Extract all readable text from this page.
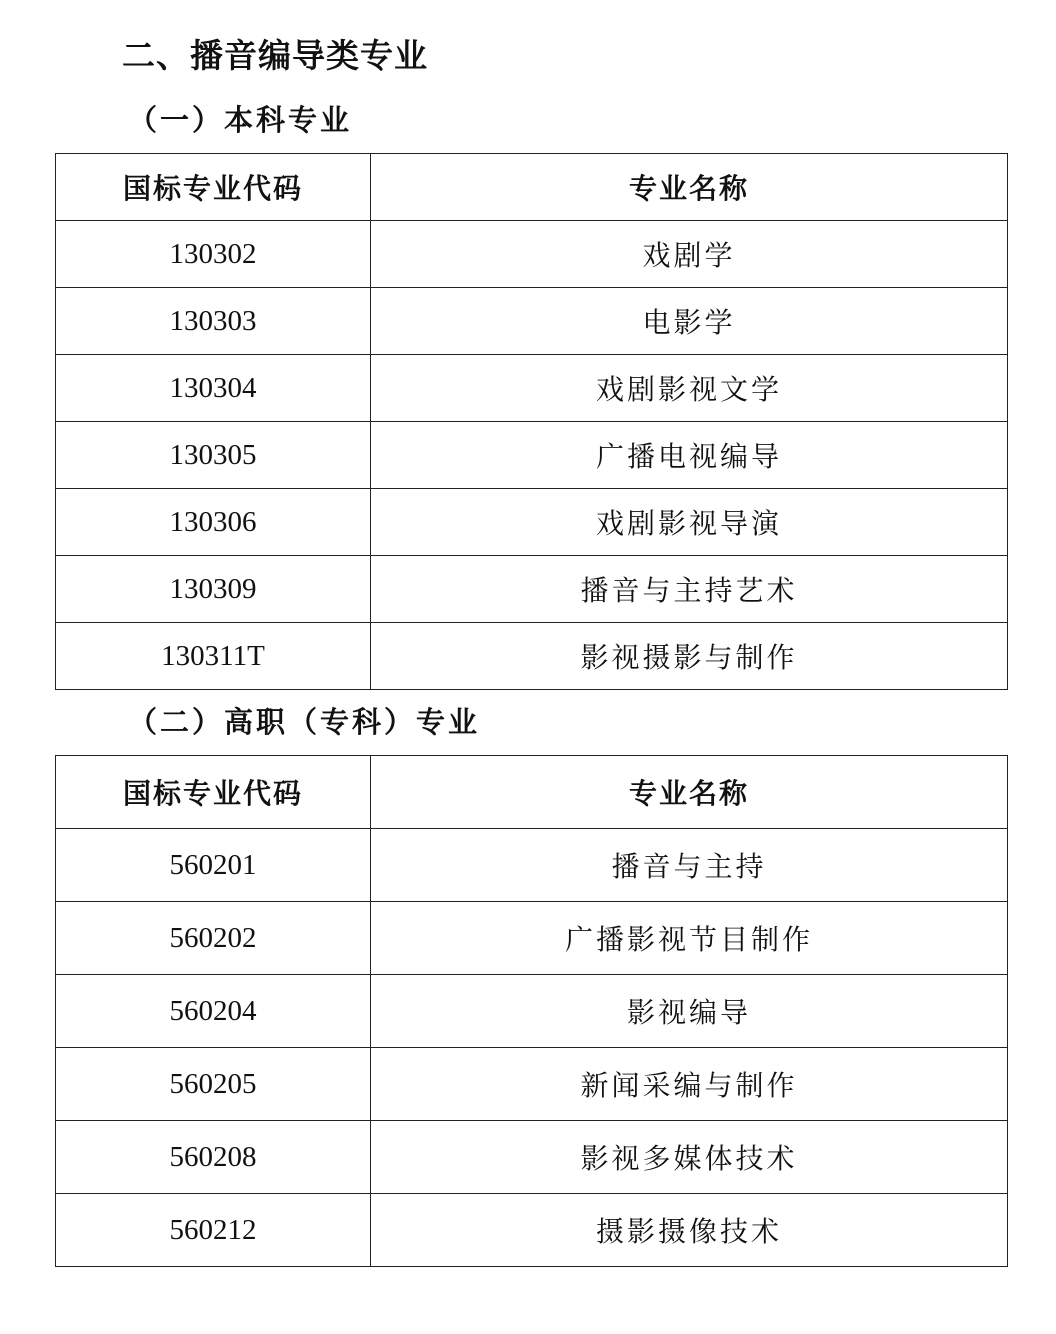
二、播音编导类专业
（一）本科专业
国标专业代码	专业名称
130302	戏剧学
130303	电影学
130304	戏剧影视文学
130305	广播电视编导
130306	戏剧影视导演
130309	播音与主持艺术
130311T	影视摄影与制作
（二）高职（专科）专业
国标专业代码	专业名称
560201	播音与主持
560202	广播影视节目制作
560204	影视编导
560205	新闻采编与制作
560208	影视多媒体技术
560212	摄影摄像技术
